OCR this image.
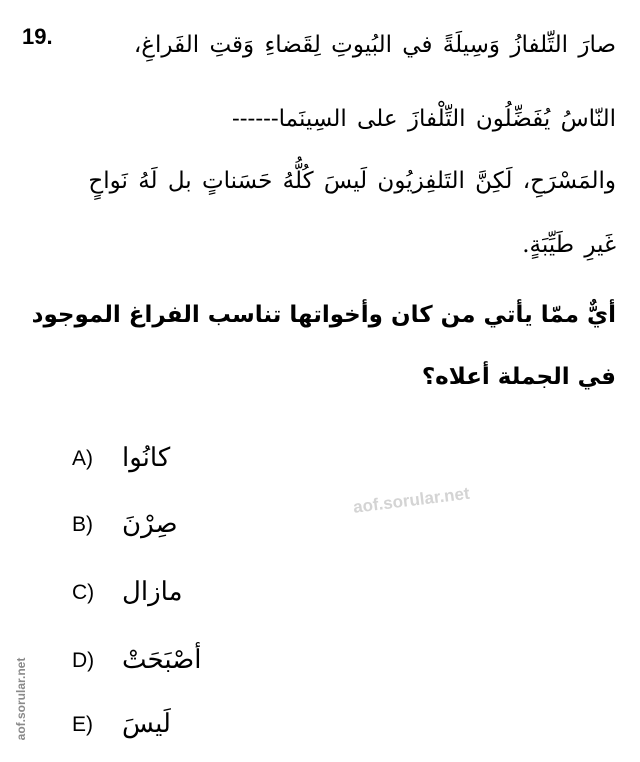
19.	صارَ التِّلفازُ وَسِيلَةً في البُيوتِ لِقَضاءِ وَقتِ الفَراغِ،
النّاسُ يُفَضِّلُون التِّلْفازَ على السِينَما------
والمَسْرَحِ، لَكِنَّ التَلفِزيُون لَيسَ كُلُّهُ حَسَناتٍ بل لَهُ نَواحٍ
غَيرِ طَيِّبَةٍ.
أيٌّ ممّا يأتي من كان وأخواتها تناسب الفراغ الموجود
في الجملة أعلاه؟
A) كانُوا
B) صِرْنَ
C) مازال
D) أصْبَحَتْ
E) لَيسَ
aof.sorular.net
aof.sorular.net
